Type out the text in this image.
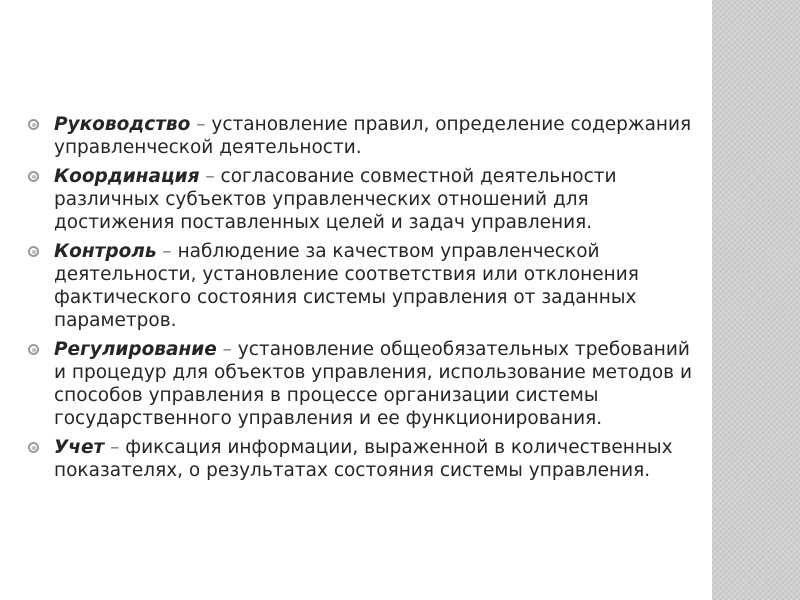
Руководство – установление правил, определение содержания управленческой деятельности.
Координация – согласование совместной деятельности различных субъектов управленческих отношений для достижения поставленных целей и задач управления.
Контроль – наблюдение за качеством управленческой деятельности, установление соответствия или отклонения фактического состояния системы управления от заданных параметров.
Регулирование – установление общеобязательных требований и процедур для объектов управления, использование методов и способов управления в процессе организации системы государственного управления и ее функционирования.
Учет – фиксация информации, выраженной в количественных показателях, о результатах состояния системы управления.
